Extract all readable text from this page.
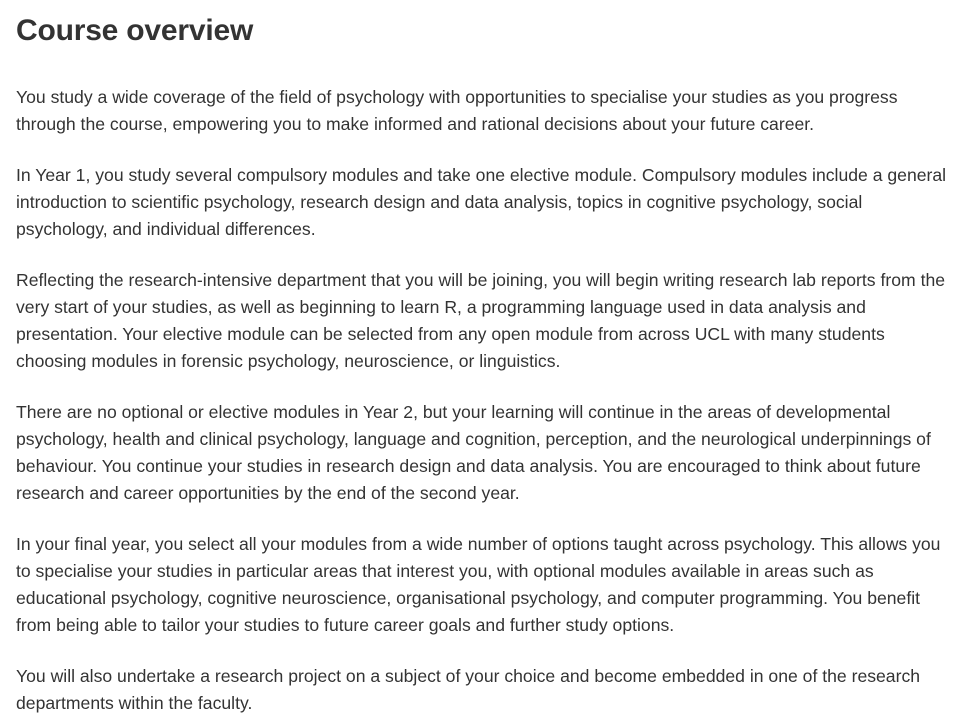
Course overview

You study a wide coverage of the field of psychology with opportunities to specialise your studies as you progress through the course, empowering you to make informed and rational decisions about your future career.

In Year 1, you study several compulsory modules and take one elective module. Compulsory modules include a general introduction to scientific psychology, research design and data analysis, topics in cognitive psychology, social psychology, and individual differences.

Reflecting the research-intensive department that you will be joining, you will begin writing research lab reports from the very start of your studies, as well as beginning to learn R, a programming language used in data analysis and presentation. Your elective module can be selected from any open module from across UCL with many students choosing modules in forensic psychology, neuroscience, or linguistics.

There are no optional or elective modules in Year 2, but your learning will continue in the areas of developmental psychology, health and clinical psychology, language and cognition, perception, and the neurological underpinnings of behaviour. You continue your studies in research design and data analysis. You are encouraged to think about future research and career opportunities by the end of the second year.

In your final year, you select all your modules from a wide number of options taught across psychology. This allows you to specialise your studies in particular areas that interest you, with optional modules available in areas such as educational psychology, cognitive neuroscience, organisational psychology, and computer programming. You benefit from being able to tailor your studies to future career goals and further study options.

You will also undertake a research project on a subject of your choice and become embedded in one of the research departments within the faculty.
